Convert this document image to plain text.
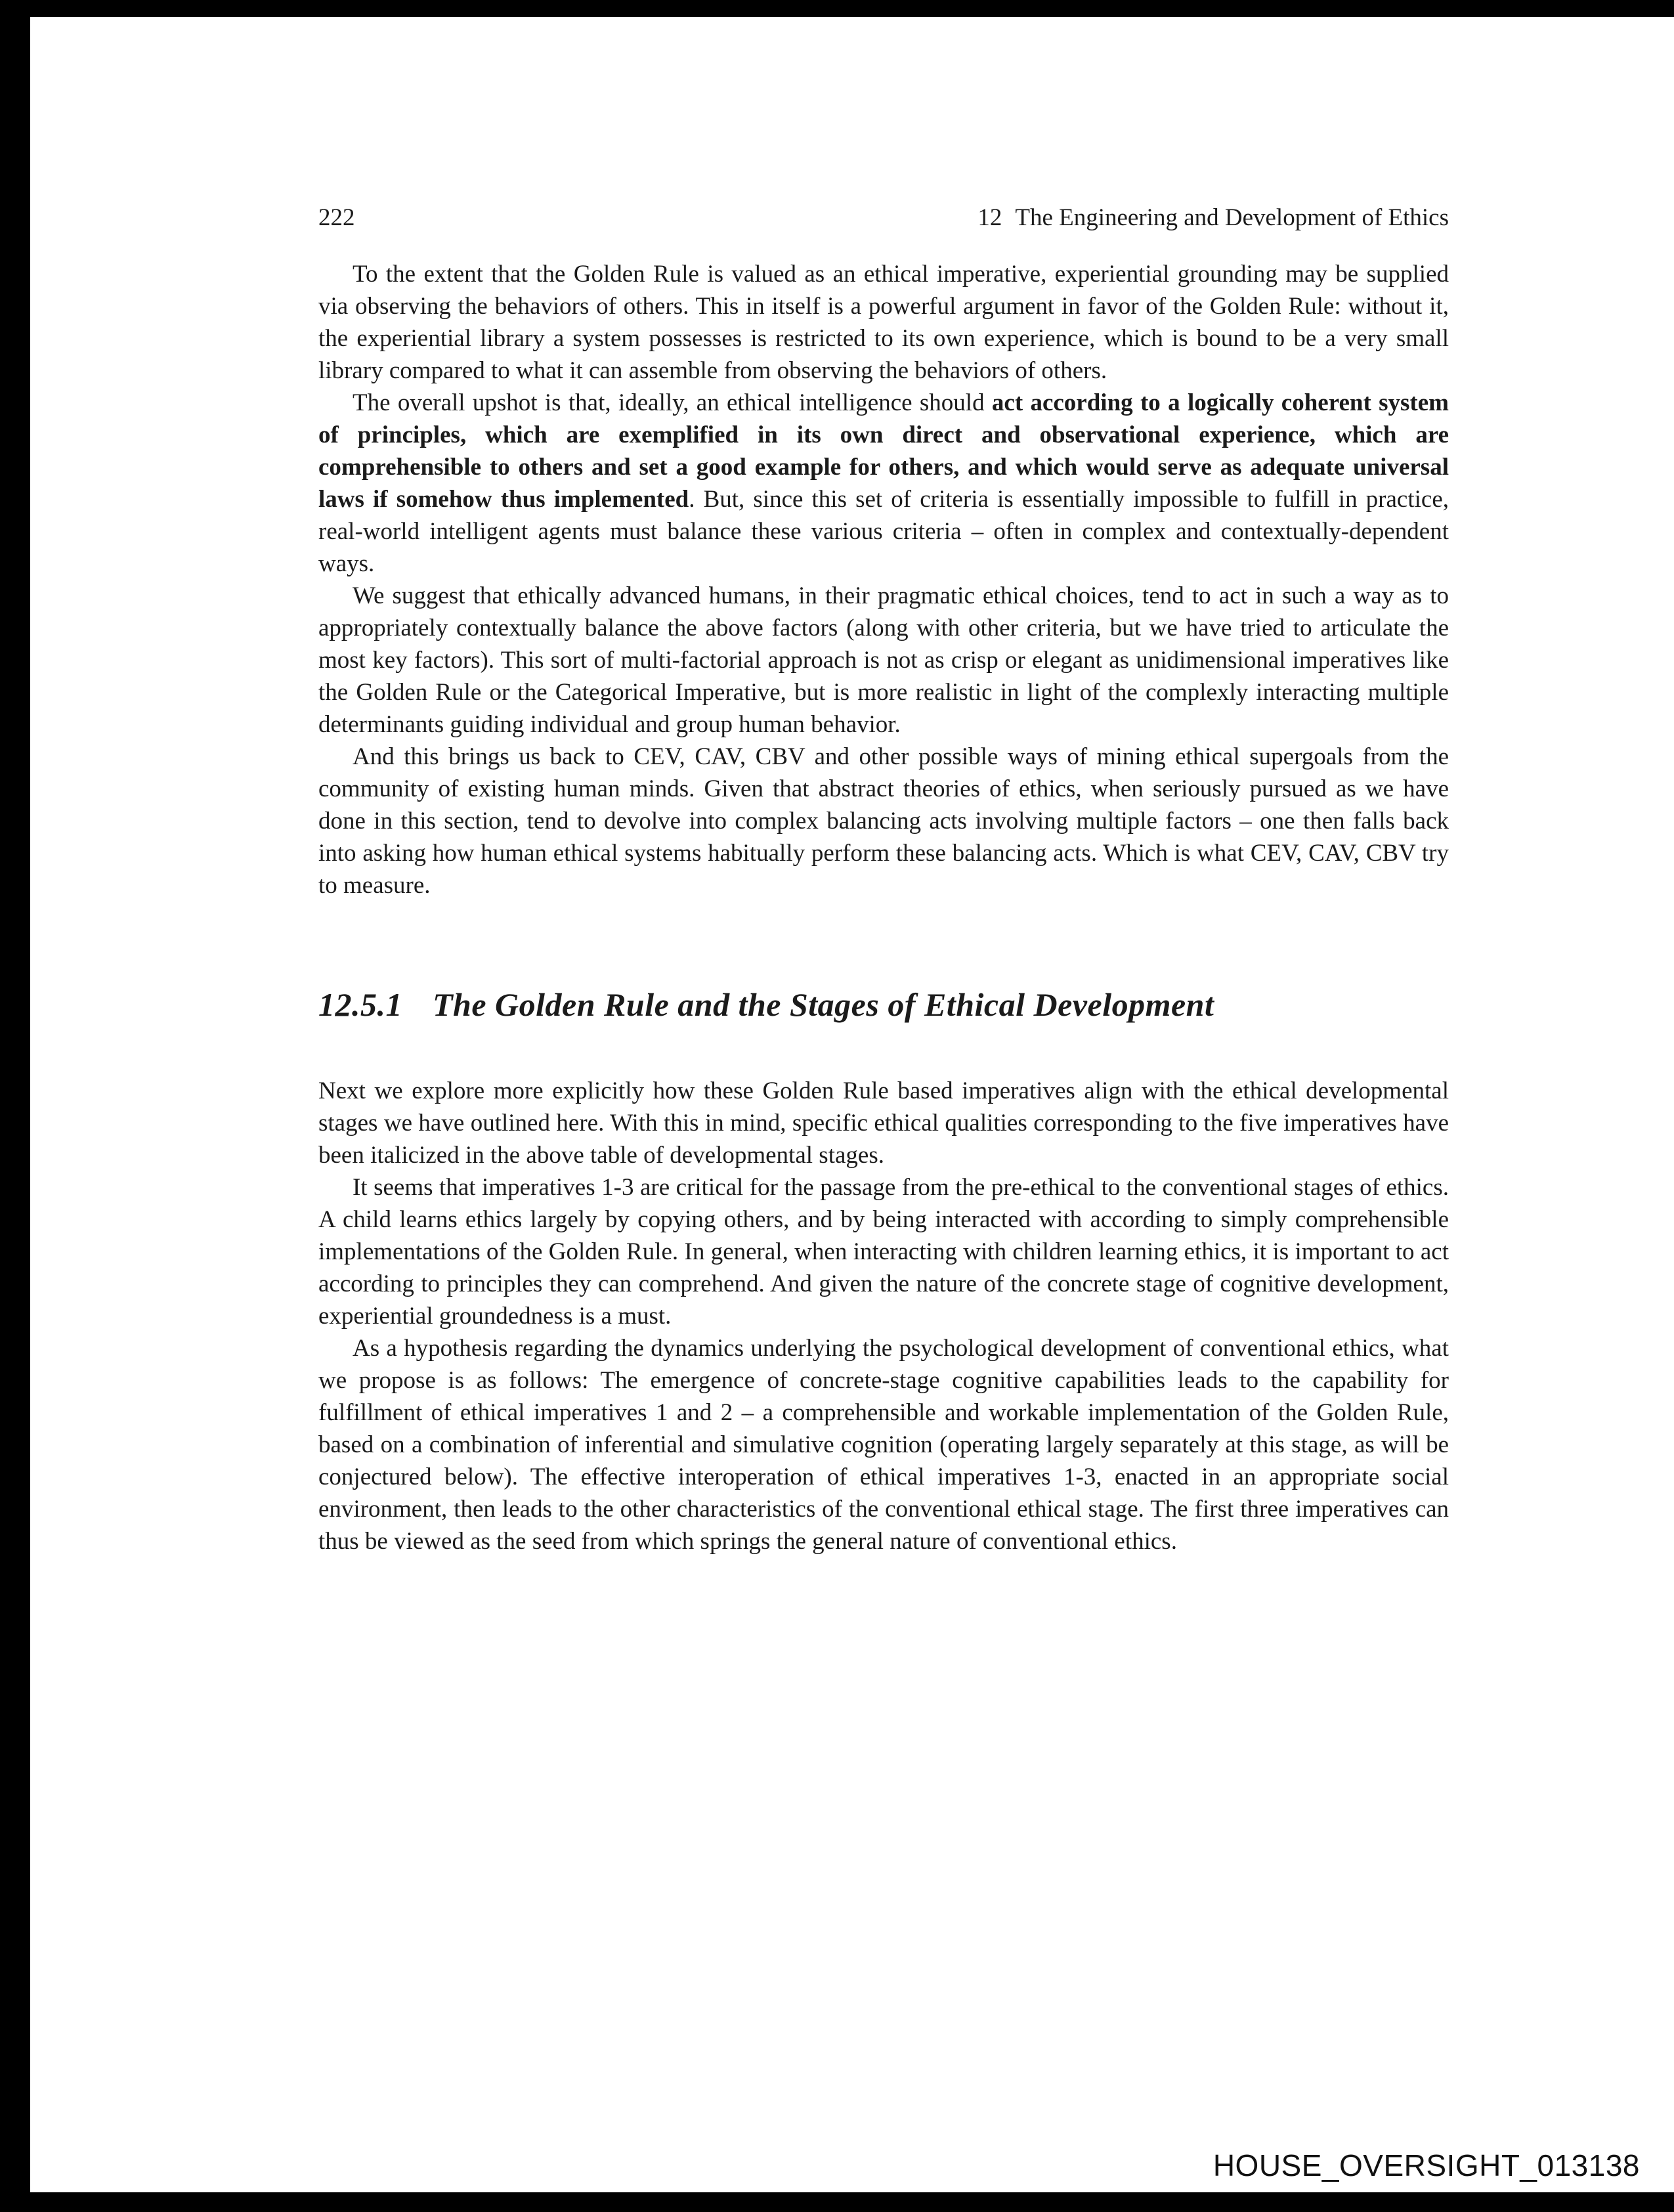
222	12 The Engineering and Development of Ethics

To the extent that the Golden Rule is valued as an ethical imperative, experiential grounding may be supplied via observing the behaviors of others. This in itself is a powerful argument in favor of the Golden Rule: without it, the experiential library a system possesses is restricted to its own experience, which is bound to be a very small library compared to what it can assemble from observing the behaviors of others.

The overall upshot is that, ideally, an ethical intelligence should act according to a logically coherent system of principles, which are exemplified in its own direct and observational experience, which are comprehensible to others and set a good example for others, and which would serve as adequate universal laws if somehow thus implemented. But, since this set of criteria is essentially impossible to fulfill in practice, real-world intelligent agents must balance these various criteria – often in complex and contextually-dependent ways.

We suggest that ethically advanced humans, in their pragmatic ethical choices, tend to act in such a way as to appropriately contextually balance the above factors (along with other criteria, but we have tried to articulate the most key factors). This sort of multi-factorial approach is not as crisp or elegant as unidimensional imperatives like the Golden Rule or the Categorical Imperative, but is more realistic in light of the complexly interacting multiple determinants guiding individual and group human behavior.

And this brings us back to CEV, CAV, CBV and other possible ways of mining ethical supergoals from the community of existing human minds. Given that abstract theories of ethics, when seriously pursued as we have done in this section, tend to devolve into complex balancing acts involving multiple factors – one then falls back into asking how human ethical systems habitually perform these balancing acts. Which is what CEV, CAV, CBV try to measure.

12.5.1 The Golden Rule and the Stages of Ethical Development

Next we explore more explicitly how these Golden Rule based imperatives align with the ethical developmental stages we have outlined here. With this in mind, specific ethical qualities corresponding to the five imperatives have been italicized in the above table of developmental stages.

It seems that imperatives 1-3 are critical for the passage from the pre-ethical to the conventional stages of ethics. A child learns ethics largely by copying others, and by being interacted with according to simply comprehensible implementations of the Golden Rule. In general, when interacting with children learning ethics, it is important to act according to principles they can comprehend. And given the nature of the concrete stage of cognitive development, experiential groundedness is a must.

As a hypothesis regarding the dynamics underlying the psychological development of conventional ethics, what we propose is as follows: The emergence of concrete-stage cognitive capabilities leads to the capability for fulfillment of ethical imperatives 1 and 2 – a comprehensible and workable implementation of the Golden Rule, based on a combination of inferential and simulative cognition (operating largely separately at this stage, as will be conjectured below). The effective interoperation of ethical imperatives 1-3, enacted in an appropriate social environment, then leads to the other characteristics of the conventional ethical stage. The first three imperatives can thus be viewed as the seed from which springs the general nature of conventional ethics.

HOUSE_OVERSIGHT_013138
